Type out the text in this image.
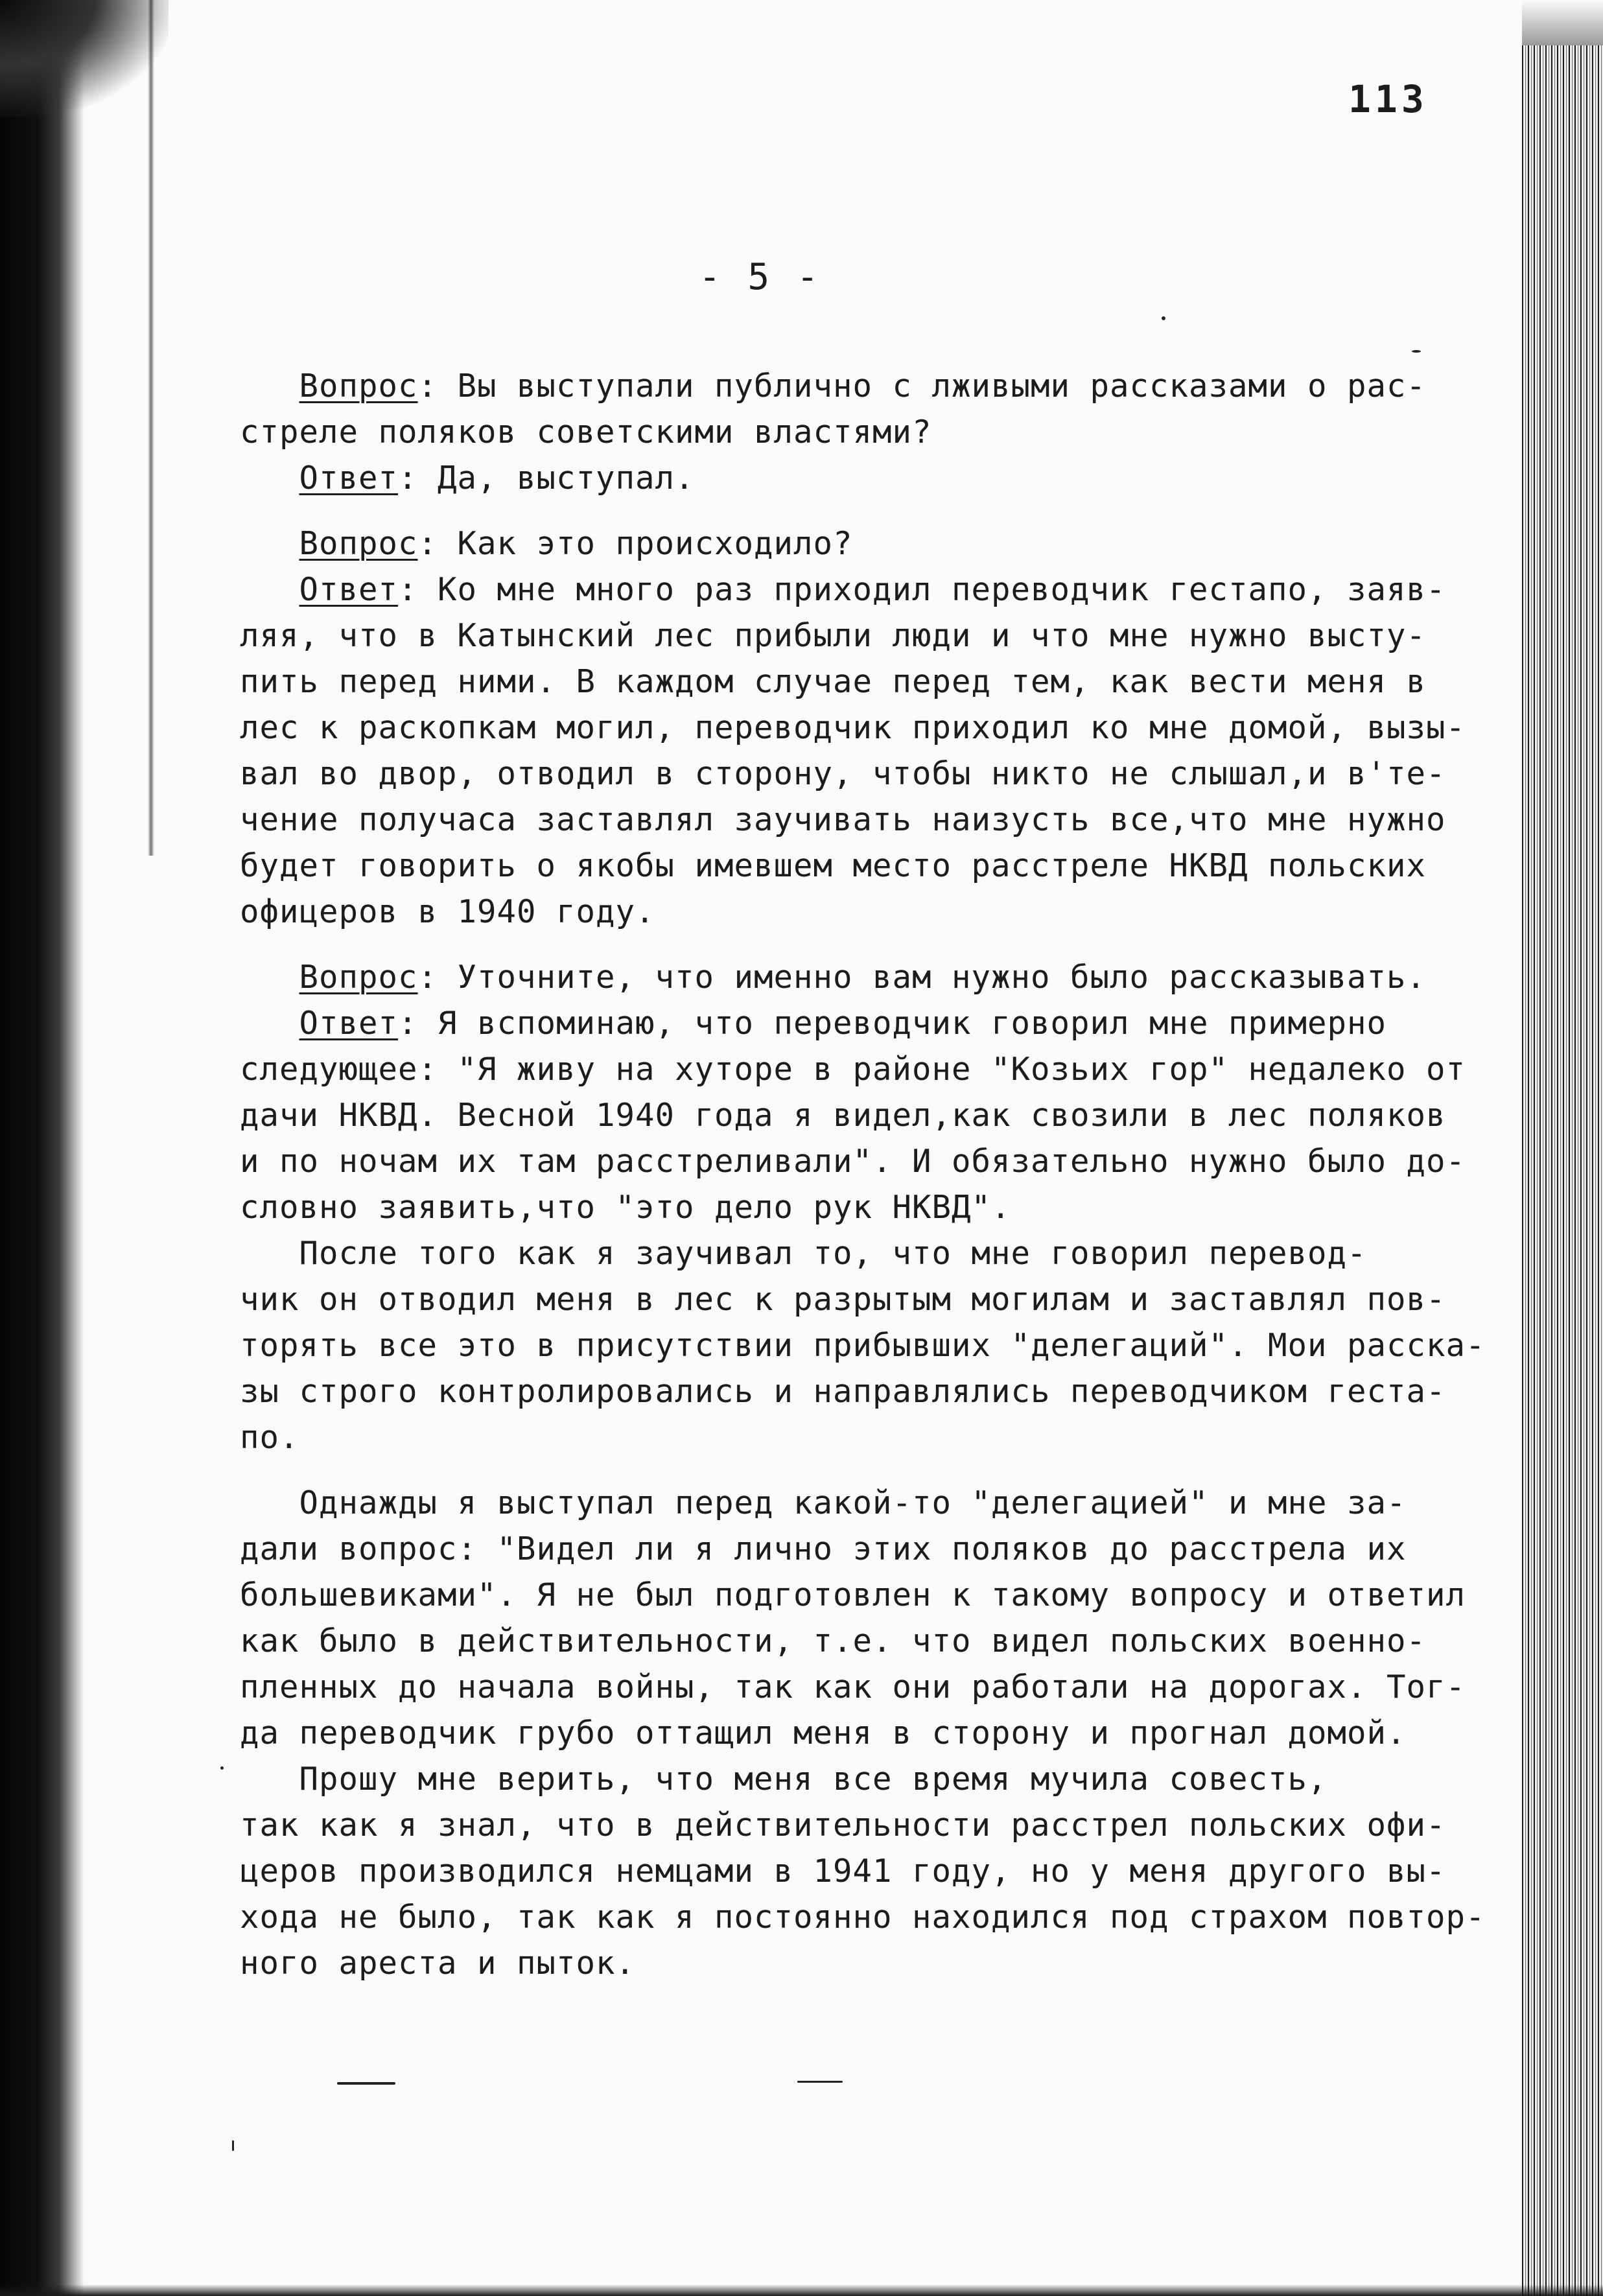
113
- 5 -
Вопрос: Вы выступали публично с лживыми рассказами о рас-
стреле поляков советскими властями?
Ответ: Да, выступал.
Вопрос: Как это происходило?
Ответ: Ко мне много раз приходил переводчик гестапо, заяв-
ляя, что в Катынский лес прибыли люди и что мне нужно высту-
пить перед ними. В каждом случае перед тем, как вести меня в
лес к раскопкам могил, переводчик приходил ко мне домой, вызы-
вал во двор, отводил в сторону, чтобы никто не слышал,и в'те-
чение получаса заставлял заучивать наизусть все,что мне нужно
будет говорить о якобы имевшем место расстреле НКВД польских
офицеров в 1940 году.
Вопрос: Уточните, что именно вам нужно было рассказывать.
Ответ: Я вспоминаю, что переводчик говорил мне примерно
следующее: "Я живу на хуторе в районе "Козьих гор" недалеко от
дачи НКВД. Весной 1940 года я видел,как свозили в лес поляков
и по ночам их там расстреливали". И обязательно нужно было до-
словно заявить,что "это дело рук НКВД".
После того как я заучивал то, что мне говорил перевод-
чик он отводил меня в лес к разрытым могилам и заставлял пов-
торять все это в присутствии прибывших "делегаций". Мои расска-
зы строго контролировались и направлялись переводчиком геста-
по.
Однажды я выступал перед какой-то "делегацией" и мне за-
дали вопрос: "Видел ли я лично этих поляков до расстрела их
большевиками". Я не был подготовлен к такому вопросу и ответил
как было в действительности, т.е. что видел польских военно-
пленных до начала войны, так как они работали на дорогах. Тог-
да переводчик грубо оттащил меня в сторону и прогнал домой.
Прошу мне верить, что меня все время мучила совесть,
так как я знал, что в действительности расстрел польских офи-
церов производился немцами в 1941 году, но у меня другого вы-
хода не было, так как я постоянно находился под страхом повтор-
ного ареста и пыток.
